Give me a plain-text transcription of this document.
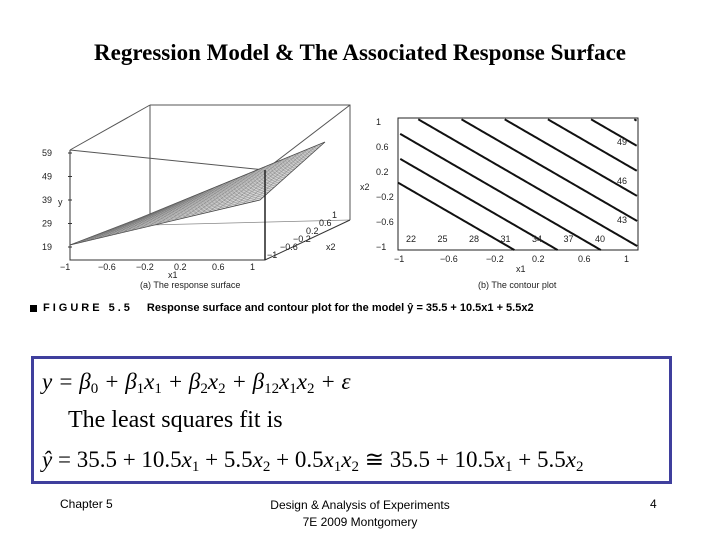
Regression Model & The Associated Response Surface
59
49
39
29
19
y
−1	−0.6 −0.2 0.2	0.6	1
x1
1
0.6
0.2
−0.2
−0.6
−1
x2
(a) The response surface
22 25 28 31 34 37 40
43
46
49
1
0.6
0.2
−0.2
−0.6
−1
x2
−1	−0.6	−0.2	0.2	0.6	1
x1
(b) The contour plot
FIGURE 5.5 Response surface and contour plot for the model ŷ = 35.5 + 10.5x1 + 5.5x2
$y = \beta_0 + \beta_1x_1 + \beta_2x_2 + \beta_{12}x_1x_2 + \varepsilon$
The least squares fit is
ŷ = $35.5 + 10.5x_1 + 5.5x_2 + 0.5x_1x_2$ ≅ $35.5 + 10.5x_1 + 5.5x_2$
Chapter 5	Design & Analysis of Experiments
7E 2009 Montgomery
4
